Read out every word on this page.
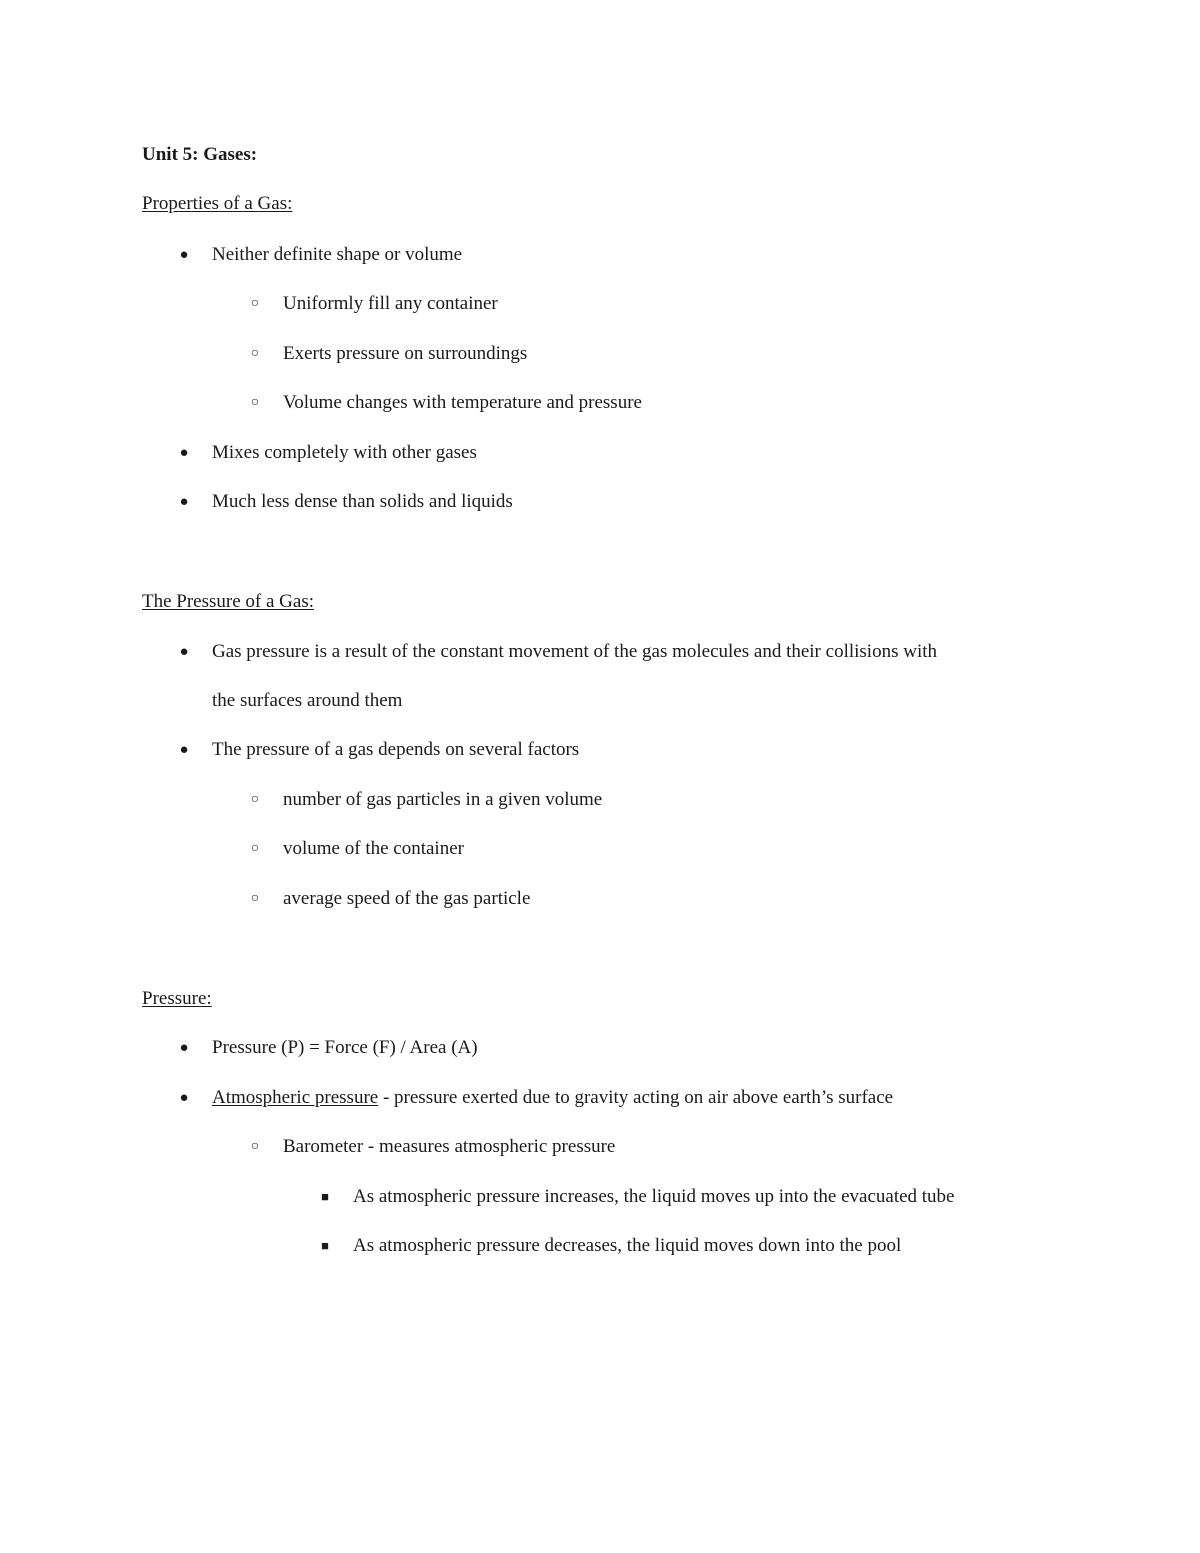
Unit 5: Gases:
Properties of a Gas:
● Neither definite shape or volume
○	Uniformly fill any container
○	Exerts pressure on surroundings
○	Volume changes with temperature and pressure
● Mixes completely with other gases
● Much less dense than solids and liquids
The Pressure of a Gas:
● Gas pressure is a result of the constant movement of the gas molecules and their collisions with
the surfaces around them
● The pressure of a gas depends on several factors
○	number of gas particles in a given volume
○	volume of the container
○	average speed of the gas particle
Pressure:
● Pressure (P) = Force (F) / Area (A)
● Atmospheric pressure - pressure exerted due to gravity acting on air above earth’s surface
○	Barometer - measures atmospheric pressure
■	As atmospheric pressure increases, the liquid moves up into the evacuated tube
■	As atmospheric pressure decreases, the liquid moves down into the pool
